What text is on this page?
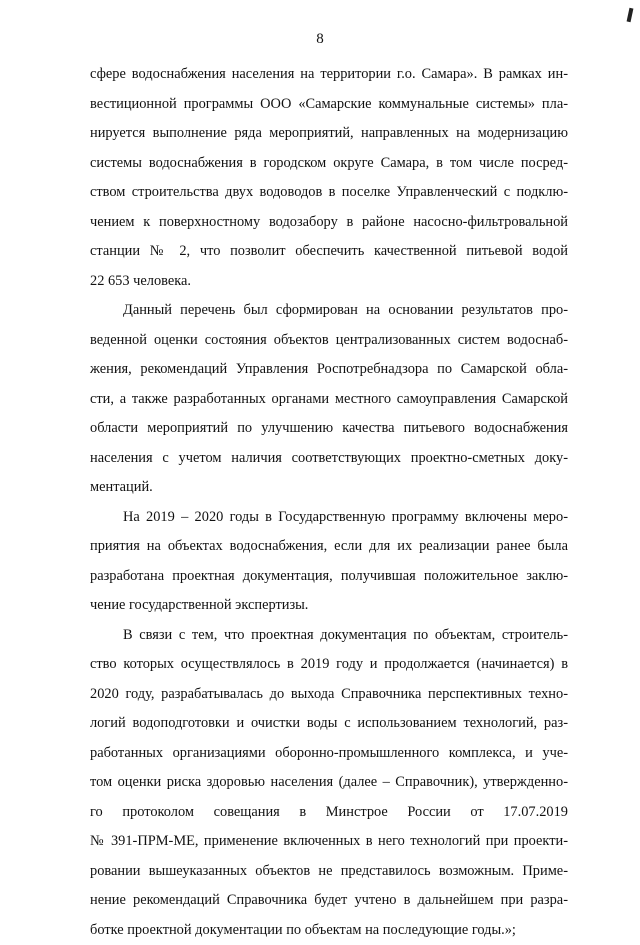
8
сфере водоснабжения населения на территории г.о. Самара». В рамках ин-
вестиционной программы ООО «Самарские коммунальные системы» пла-
нируется выполнение ряда мероприятий, направленных на модернизацию
системы водоснабжения в городском округе Самара, в том числе посред-
ством строительства двух водоводов в поселке Управленческий с подклю-
чением к поверхностному водозабору в районе насосно-фильтровальной
станции № 2, что позволит обеспечить качественной питьевой водой
22 653 человека.
Данный перечень был сформирован на основании результатов про-
веденной оценки состояния объектов централизованных систем водоснаб-
жения, рекомендаций Управления Роспотребнадзора по Самарской обла-
сти, а также разработанных органами местного самоуправления Самарской
области мероприятий по улучшению качества питьевого водоснабжения
населения с учетом наличия соответствующих проектно-сметных доку-
ментаций.
На 2019 – 2020 годы в Государственную программу включены меро-
приятия на объектах водоснабжения, если для их реализации ранее была
разработана проектная документация, получившая положительное заклю-
чение государственной экспертизы.
В связи с тем, что проектная документация по объектам, строитель-
ство которых осуществлялось в 2019 году и продолжается (начинается) в
2020 году, разрабатывалась до выхода Справочника перспективных техно-
логий водоподготовки и очистки воды с использованием технологий, раз-
работанных организациями оборонно-промышленного комплекса, и уче-
том оценки риска здоровью населения (далее – Справочник), утвержденно-
го протоколом совещания в Минстрое России от 17.07.2019
№ 391-ПРМ-МЕ, применение включенных в него технологий при проекти-
ровании вышеуказанных объектов не представилось возможным. Приме-
нение рекомендаций Справочника будет учтено в дальнейшем при разра-
ботке проектной документации по объектам на последующие годы.»;
